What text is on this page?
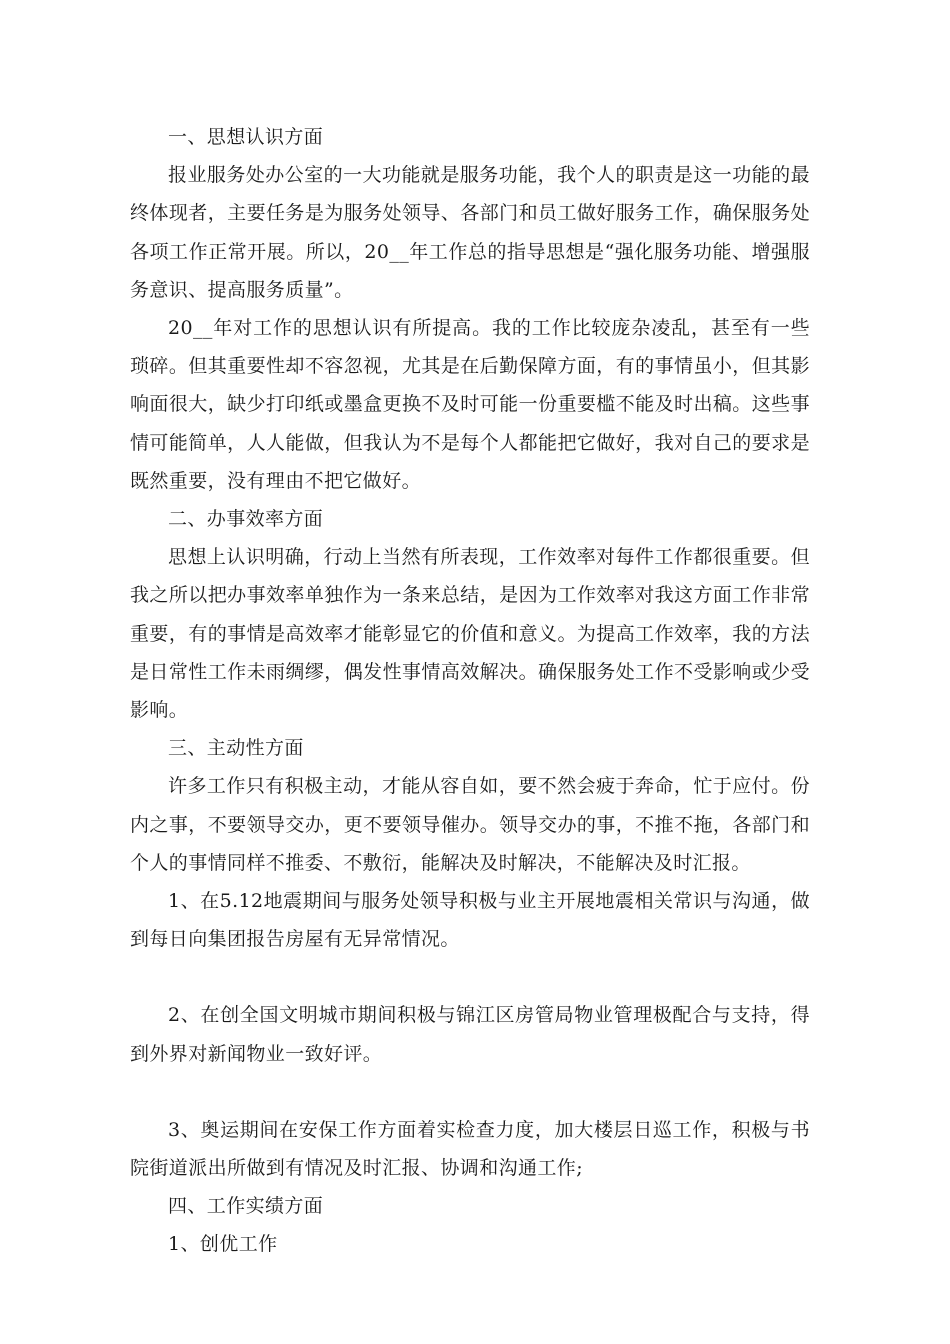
一、思想认识方面

报业服务处办公室的一大功能就是服务功能，我个人的职责是这一功能的最终体现者，主要任务是为服务处领导、各部门和员工做好服务工作，确保服务处各项工作正常开展。所以，20__年工作总的指导思想是“强化服务功能、增强服务意识、提高服务质量”。

20__年对工作的思想认识有所提高。我的工作比较庞杂凌乱，甚至有一些琐碎。但其重要性却不容忽视，尤其是在后勤保障方面，有的事情虽小，但其影响面很大，缺少打印纸或墨盒更换不及时可能一份重要槛不能及时出稿。这些事情可能简单，人人能做，但我认为不是每个人都能把它做好，我对自己的要求是既然重要，没有理由不把它做好。

二、办事效率方面

思想上认识明确，行动上当然有所表现，工作效率对每件工作都很重要。但我之所以把办事效率单独作为一条来总结，是因为工作效率对我这方面工作非常重要，有的事情是高效率才能彰显它的价值和意义。为提高工作效率，我的方法是日常性工作未雨绸缪，偶发性事情高效解决。确保服务处工作不受影响或少受影响。

三、主动性方面

许多工作只有积极主动，才能从容自如，要不然会疲于奔命，忙于应付。份内之事，不要领导交办，更不要领导催办。领导交办的事，不推不拖，各部门和个人的事情同样不推委、不敷衍，能解决及时解决，不能解决及时汇报。

1、在5.12地震期间与服务处领导积极与业主开展地震相关常识与沟通，做到每日向集团报告房屋有无异常情况。

2、在创全国文明城市期间积极与锦江区房管局物业管理极配合与支持，得到外界对新闻物业一致好评。

3、奥运期间在安保工作方面着实检查力度，加大楼层日巡工作，积极与书院街道派出所做到有情况及时汇报、协调和沟通工作;

四、工作实绩方面

1、创优工作
